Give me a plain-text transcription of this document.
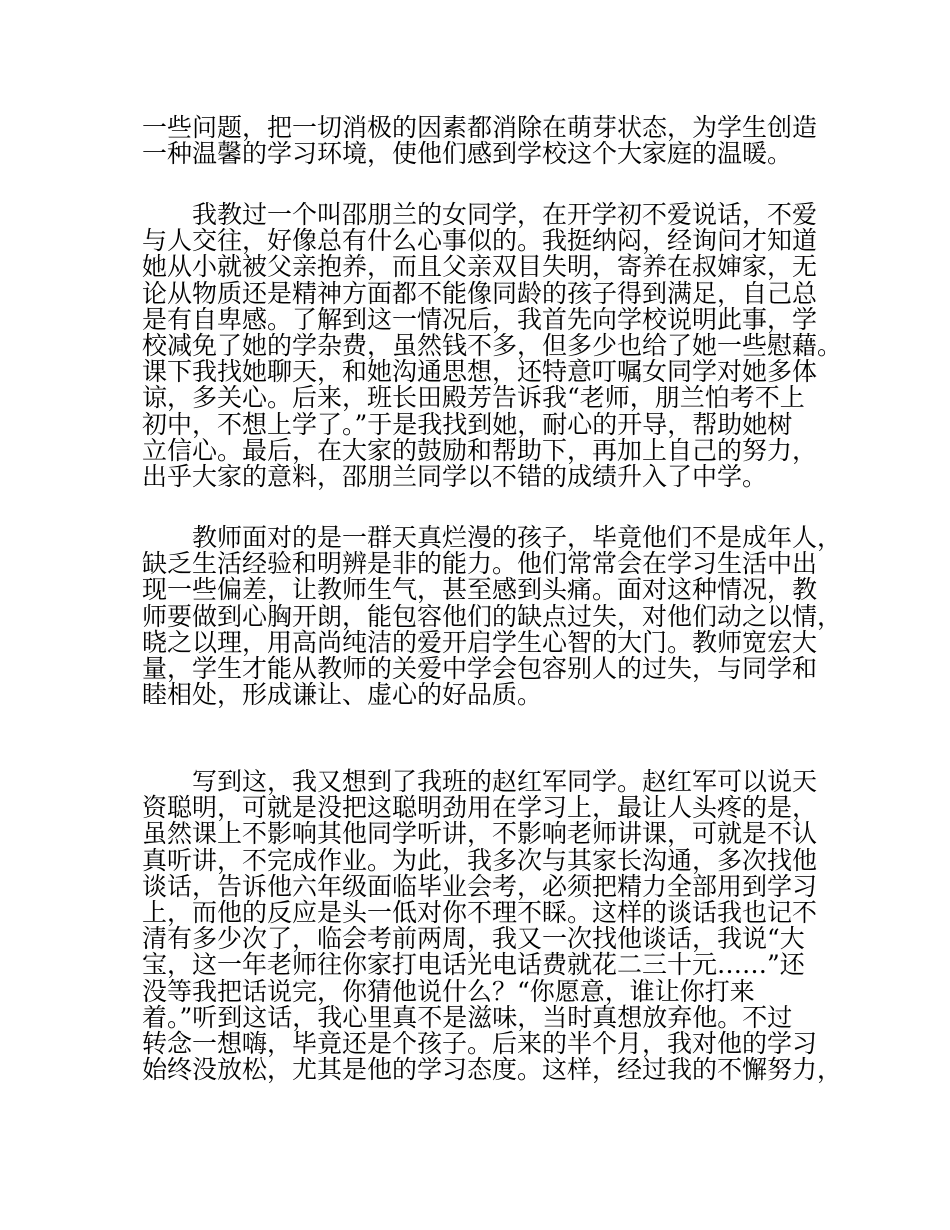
一些问题，把一切消极的因素都消除在萌芽状态，为学生创造
一种温馨的学习环境，使他们感到学校这个大家庭的温暖。
我教过一个叫邵朋兰的女同学，在开学初不爱说话，不爱
与人交往，好像总有什么心事似的。我挺纳闷，经询问才知道
她从小就被父亲抱养，而且父亲双目失明，寄养在叔婶家，无
论从物质还是精神方面都不能像同龄的孩子得到满足，自己总
是有自卑感。了解到这一情况后，我首先向学校说明此事，学
校减免了她的学杂费，虽然钱不多，但多少也给了她一些慰藉。
课下我找她聊天，和她沟通思想，还特意叮嘱女同学对她多体
谅，多关心。后来，班长田殿芳告诉我“老师，朋兰怕考不上
初中，不想上学了。”于是我找到她，耐心的开导，帮助她树
立信心。最后，在大家的鼓励和帮助下，再加上自己的努力，
出乎大家的意料，邵朋兰同学以不错的成绩升入了中学。
教师面对的是一群天真烂漫的孩子，毕竟他们不是成年人，
缺乏生活经验和明辨是非的能力。他们常常会在学习生活中出
现一些偏差，让教师生气，甚至感到头痛。面对这种情况，教
师要做到心胸开朗，能包容他们的缺点过失，对他们动之以情，
晓之以理，用高尚纯洁的爱开启学生心智的大门。教师宽宏大
量，学生才能从教师的关爱中学会包容别人的过失，与同学和
睦相处，形成谦让、虚心的好品质。
写到这，我又想到了我班的赵红军同学。赵红军可以说天
资聪明，可就是没把这聪明劲用在学习上，最让人头疼的是，
虽然课上不影响其他同学听讲，不影响老师讲课，可就是不认
真听讲，不完成作业。为此，我多次与其家长沟通，多次找他
谈话，告诉他六年级面临毕业会考，必须把精力全部用到学习
上，而他的反应是头一低对你不理不睬。这样的谈话我也记不
清有多少次了，临会考前两周，我又一次找他谈话，我说“大
宝，这一年老师往你家打电话光电话费就花二三十元……”还
没等我把话说完，你猜他说什么？“你愿意，谁让你打来
着。”听到这话，我心里真不是滋味，当时真想放弃他。不过
转念一想嗨，毕竟还是个孩子。后来的半个月，我对他的学习
始终没放松，尤其是他的学习态度。这样，经过我的不懈努力，
